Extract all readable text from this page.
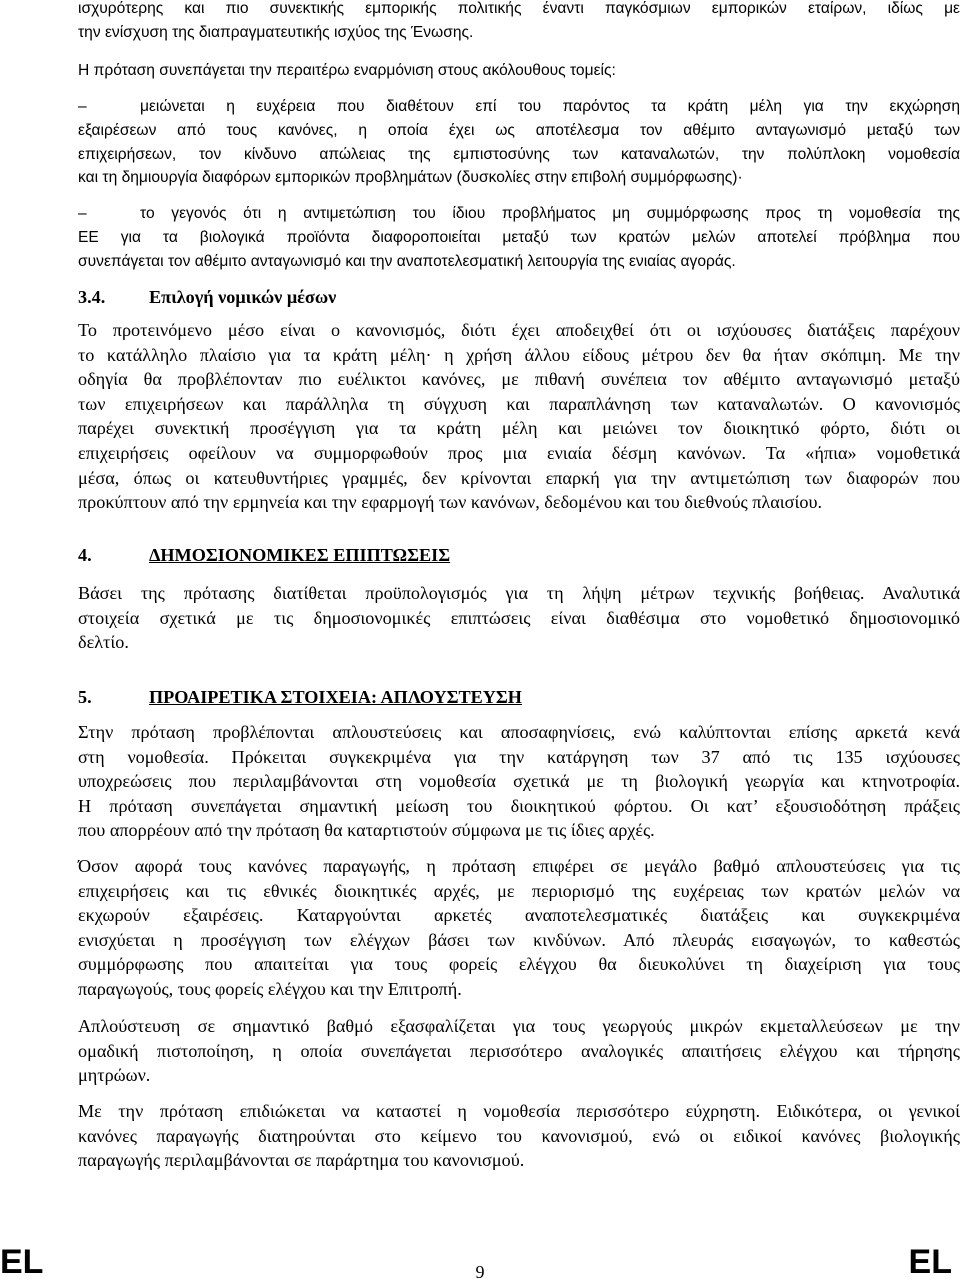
ισχυρότερης και πιο συνεκτικής εμπορικής πολιτικής έναντι παγκόσμιων εμπορικών εταίρων, ιδίως με
την ενίσχυση της διαπραγματευτικής ισχύος της Ένωσης.

Η πρόταση συνεπάγεται την περαιτέρω εναρμόνιση στους ακόλουθους τομείς:

–	μειώνεται η ευχέρεια που διαθέτουν επί του παρόντος τα κράτη μέλη για την εκχώρηση
εξαιρέσεων από τους κανόνες, η οποία έχει ως αποτέλεσμα τον αθέμιτο ανταγωνισμό μεταξύ των
επιχειρήσεων, τον κίνδυνο απώλειας της εμπιστοσύνης των καταναλωτών, την πολύπλοκη νομοθεσία
και τη δημιουργία διαφόρων εμπορικών προβλημάτων (δυσκολίες στην επιβολή συμμόρφωσης)·
–	το γεγονός ότι η αντιμετώπιση του ίδιου προβλήματος μη συμμόρφωσης προς τη νομοθεσία της
ΕΕ για τα βιολογικά προϊόντα διαφοροποιείται μεταξύ των κρατών μελών αποτελεί πρόβλημα που
συνεπάγεται τον αθέμιτο ανταγωνισμό και την αναποτελεσματική λειτουργία της ενιαίας αγοράς.
3.4. Επιλογή νομικών μέσων

Το προτεινόμενο μέσο είναι ο κανονισμός, διότι έχει αποδειχθεί ότι οι ισχύουσες διατάξεις παρέχουν
το κατάλληλο πλαίσιο για τα κράτη μέλη· η χρήση άλλου είδους μέτρου δεν θα ήταν σκόπιμη. Με την
οδηγία θα προβλέπονταν πιο ευέλικτοι κανόνες, με πιθανή συνέπεια τον αθέμιτο ανταγωνισμό μεταξύ
των επιχειρήσεων και παράλληλα τη σύγχυση και παραπλάνηση των καταναλωτών. Ο κανονισμός
παρέχει συνεκτική προσέγγιση για τα κράτη μέλη και μειώνει τον διοικητικό φόρτο, διότι οι
επιχειρήσεις οφείλουν να συμμορφωθούν προς μια ενιαία δέσμη κανόνων. Τα «ήπια» νομοθετικά
μέσα, όπως οι κατευθυντήριες γραμμές, δεν κρίνονται επαρκή για την αντιμετώπιση των διαφορών που
προκύπτουν από την ερμηνεία και την εφαρμογή των κανόνων, δεδομένου και του διεθνούς πλαισίου.

4.	ΔΗΜΟΣΙΟΝΟΜΙΚΕΣ ΕΠΙΠΤΩΣΕΙΣ

Βάσει της πρότασης διατίθεται προϋπολογισμός για τη λήψη μέτρων τεχνικής βοήθειας. Αναλυτικά
στοιχεία σχετικά με τις δημοσιονομικές επιπτώσεις είναι διαθέσιμα στο νομοθετικό δημοσιονομικό
δελτίο.

5.	ΠΡΟΑΙΡΕΤΙΚΑ ΣΤΟΙΧΕΙΑ: ΑΠΛΟΥΣΤΕΥΣΗ

Στην πρόταση προβλέπονται απλουστεύσεις και αποσαφηνίσεις, ενώ καλύπτονται επίσης αρκετά κενά
στη νομοθεσία. Πρόκειται συγκεκριμένα για την κατάργηση των 37 από τις 135 ισχύουσες
υποχρεώσεις που περιλαμβάνονται στη νομοθεσία σχετικά με τη βιολογική γεωργία και κτηνοτροφία.
Η πρόταση συνεπάγεται σημαντική μείωση του διοικητικού φόρτου. Οι κατ’ εξουσιοδότηση πράξεις
που απορρέουν από την πρόταση θα καταρτιστούν σύμφωνα με τις ίδιες αρχές.

Όσον αφορά τους κανόνες παραγωγής, η πρόταση επιφέρει σε μεγάλο βαθμό απλουστεύσεις για τις
επιχειρήσεις και τις εθνικές διοικητικές αρχές, με περιορισμό της ευχέρειας των κρατών μελών να
εκχωρούν εξαιρέσεις. Καταργούνται αρκετές αναποτελεσματικές διατάξεις και συγκεκριμένα
ενισχύεται η προσέγγιση των ελέγχων βάσει των κινδύνων. Από πλευράς εισαγωγών, το καθεστώς
συμμόρφωσης που απαιτείται για τους φορείς ελέγχου θα διευκολύνει τη διαχείριση για τους
παραγωγούς, τους φορείς ελέγχου και την Επιτροπή.

Απλούστευση σε σημαντικό βαθμό εξασφαλίζεται για τους γεωργούς μικρών εκμεταλλεύσεων με την
ομαδική πιστοποίηση, η οποία συνεπάγεται περισσότερο αναλογικές απαιτήσεις ελέγχου και τήρησης
μητρώων.

Με την πρόταση επιδιώκεται να καταστεί η νομοθεσία περισσότερο εύχρηστη. Ειδικότερα, οι γενικοί
κανόνες παραγωγής διατηρούνται στο κείμενο του κανονισμού, ενώ οι ειδικοί κανόνες βιολογικής
παραγωγής περιλαμβάνονται σε παράρτημα του κανονισμού.

EL	9	EL
